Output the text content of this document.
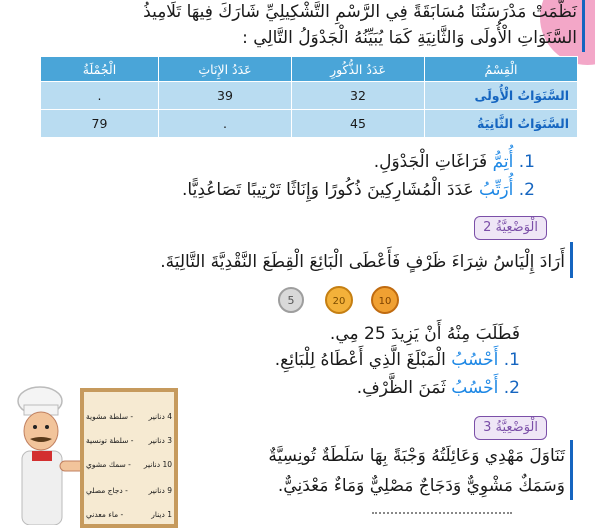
نَظَّمَتْ مَدْرَسَتُنَا مُسَابَقَةً فِي الرَّسْمِ التَّشْكِيلِيِّ شَارَكَ فِيهَا تَلَامِيذُ
السَّنَوَاتِ الْأُولَى وَالثَّانِيَةِ كَمَا يُبَيِّنُهُ الْجَدْوَلُ التَّالِي :
الْقِسْمُ	عَدَدُ الذُّكُورِ	عَدَدُ الإِنَاثِ	الْجُمْلَةُ
السَّنَوَاتُ الْأُولَى	32	39	.
السَّنَوَاتُ الثَّانِيَةُ	45	.	79
1. أُتِمُّ فَرَاغَاتِ الْجَدْوَلِ.
2. أُرَتِّبُ عَدَدَ الْمُشَارِكِينَ ذُكُورًا وَإِنَاثًا تَرْتِيبًا تَصَاعُدِيًّا.
الْوَضْعِيَّةُ 2
أَرَادَ إِلْيَاسُ شِرَاءَ ظَرْفٍ فَأَعْطَى الْبَائِعَ الْقِطَعَ النَّقْدِيَّةَ التَّالِيَةَ.
5	20	10
فَطَلَبَ مِنْهُ أَنْ يَزِيدَ 25 مِي.
1. أَحْسُبُ الْمَبْلَغَ الَّذِي أَعْطَاهُ لِلْبَائِعِ.
2. أَحْسُبُ ثَمَنَ الظَّرْفِ.
الْوَضْعِيَّةُ 3
تَنَاوَلَ مَهْدِي وَعَائِلَتُهُ وَجْبَةً بِهَا سَلَطَةٌ تُونِسِيَّةٌ
وَسَمَكٌ مَشْوِيٌّ وَدَجَاجٌ مَصْلِيٌّ وَمَاءٌ مَعْدَنِيٌّ.
- سلطة مشوية 4 دنانير
- سلطة تونسية 3 دنانير
- سمك مشوي 10 دنانير
- دجاج مصلي	9 دنانير
- ماء معدني	1 دينار
